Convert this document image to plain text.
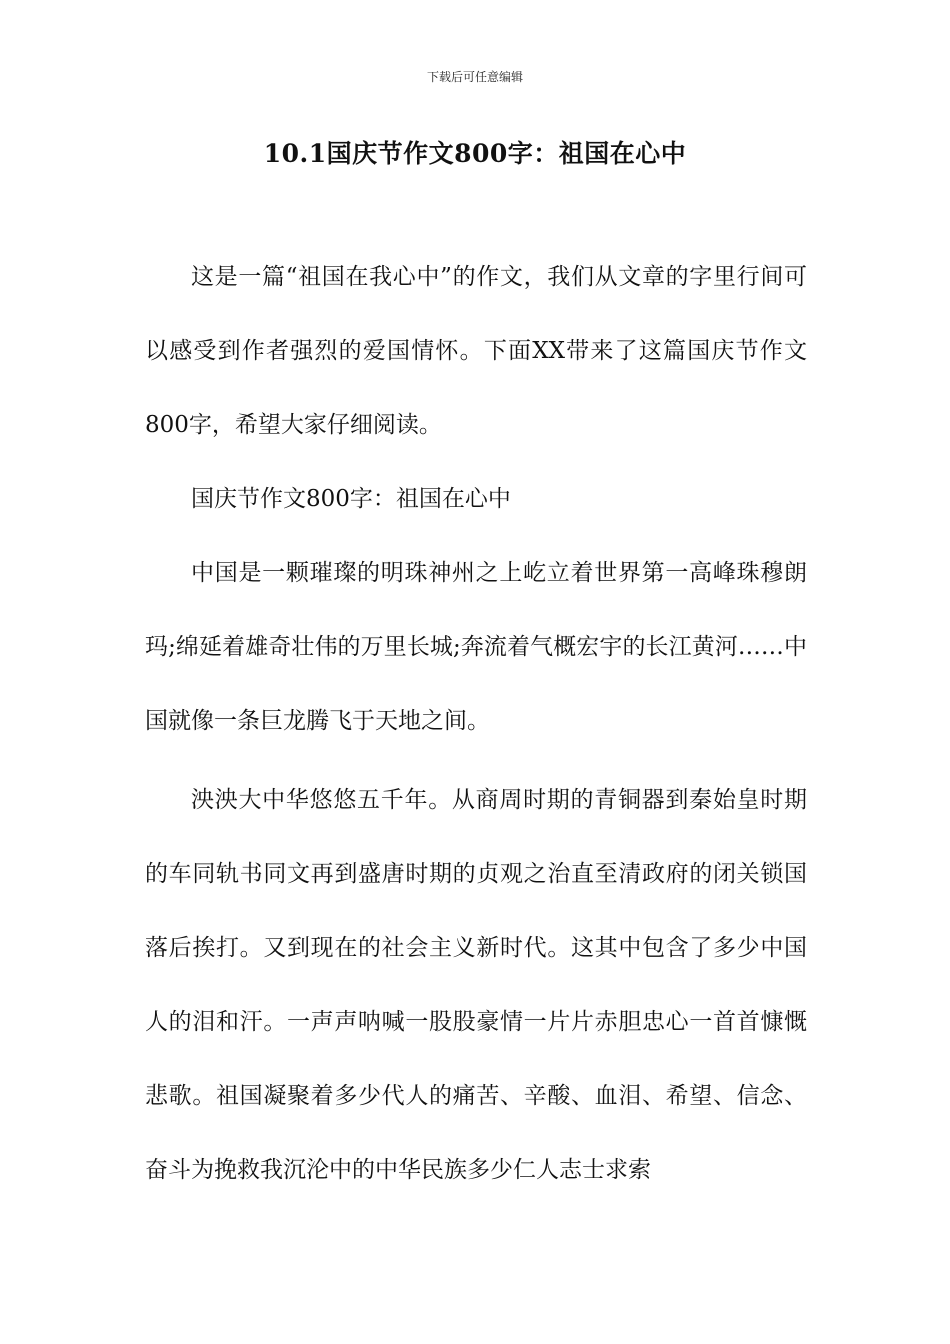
下载后可任意编辑
10.1国庆节作文800字：祖国在心中

这是一篇“祖国在我心中”的作文，我们从文章的字里行间可以感受到作者强烈的爱国情怀。下面XX带来了这篇国庆节作文800字，希望大家仔细阅读。

国庆节作文800字：祖国在心中

中国是一颗璀璨的明珠神州之上屹立着世界第一高峰珠穆朗玛;绵延着雄奇壮伟的万里长城;奔流着气概宏宇的长江黄河……中国就像一条巨龙腾飞于天地之间。

泱泱大中华悠悠五千年。从商周时期的青铜器到秦始皇时期的车同轨书同文再到盛唐时期的贞观之治直至清政府的闭关锁国落后挨打。又到现在的社会主义新时代。这其中包含了多少中国人的泪和汗。一声声呐喊一股股豪情一片片赤胆忠心一首首慷慨悲歌。祖国凝聚着多少代人的痛苦、辛酸、血泪、希望、信念、奋斗为挽救我沉沦中的中华民族多少仁人志士求索
